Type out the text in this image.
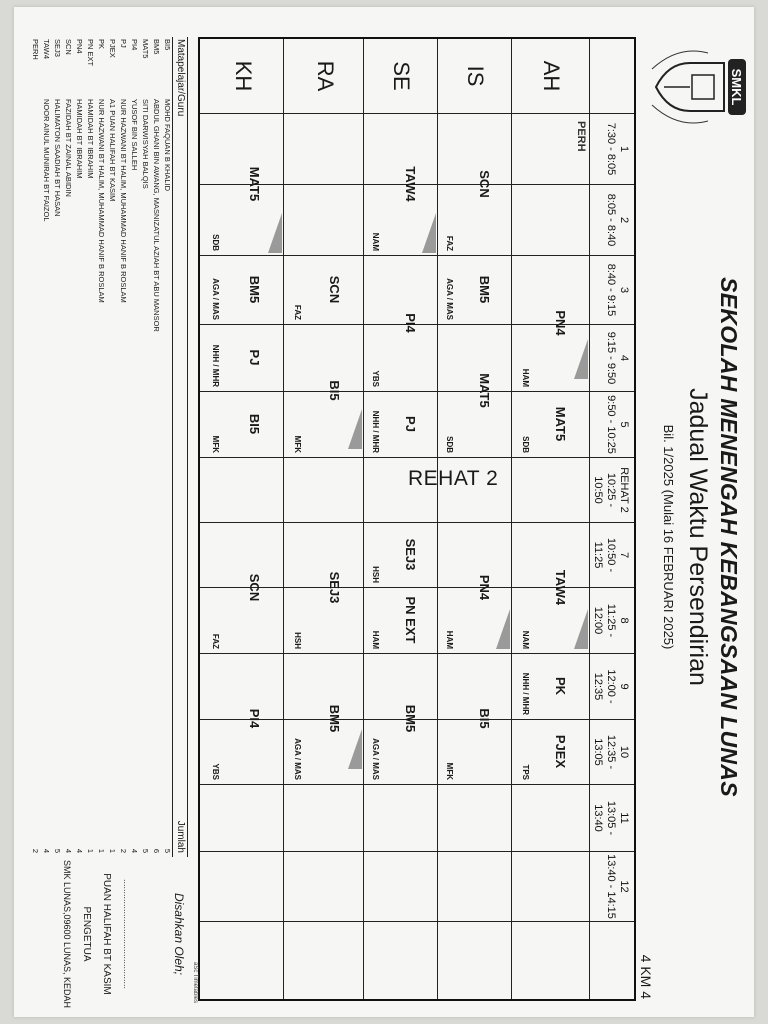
SMKL
SEKOLAH MENENGAH KEBANGSAAN LUNAS
Jadual Waktu Persendirian
Bil. 1/2025 (Mulai 16 FEBRUARI 2025)
4 KM 4
1
7:30 - 8:05
2
8:05 - 8:40
3
8:40 - 9:15
4
9:15 - 9:50
5
9:50 - 10:25
REHAT 2
10:25 - 10:50
7
10:50 - 11:25
8
11:25 - 12:00
9
12:00 - 12:35
10
12:35 - 13:05
11
13:05 - 13:40
12
13:40 - 14:15
AH
IS
SE
RA
KH
REHAT 2
PERH
PN4
HAM
MAT5
SDB
TAW4
NAM
PK
NHH / MHR
PJEX
TPS
SCN
FAZ
BM5
AGA / MAS
MAT5
SDB
PN4
HAM
BI5
MFK
TAW4
NAM
PI4
YBS
PJ
NHH / MHR
SEJ3
HSH
PN EXT
HAM
BM5
AGA / MAS
SCN
FAZ
BI5
MFK
SEJ3
HSH
BM5
AGA / MAS
MAT5
SDB
BM5
AGA / MAS
PJ
NHH / MHR
BI5
MFK
SCN
FAZ
PI4
YBS
Matapelajar/Guru
Jumlah
BI5
MOHD FAQUAN B KHALID
5
BM5
ABDUL GHANI BIN AWANG, MASNIZATUL AZIAH BT ABU MANSOR
6
MAT5
SITI DARWISYAH BALQIS
5
PI4
YUSOF BIN SALLEH
4
PJ
NUR HAZWANI BT HALIM, MUHAMMAD HANIF B ROSLAM
2
PJEX
A1 PUAN HALIFAH BT KASIM
1
PK
NUR HAZWANI BT HALIM, MUHAMMAD HANIF B ROSLAM
1
PN EXT
HAMIDAH BT IBRAHIM
1
PN4
HAMIDAH BT IBRAHIM
4
SCN
FAZIDAH BT ZAINAL ABIDIN
4
SEJ3
HALIMATON SAADIAH BT HASAN
5
TAW4
NOOR AINUL MUNIRAH BT FAIZOL
4
PERH
2
Disahkan Oleh;
............................................
PUAN HALIFAH BT KASIM
PENGETUA
SMK LUNAS,09600 LUNAS, KEDAH	aSc Timetables
